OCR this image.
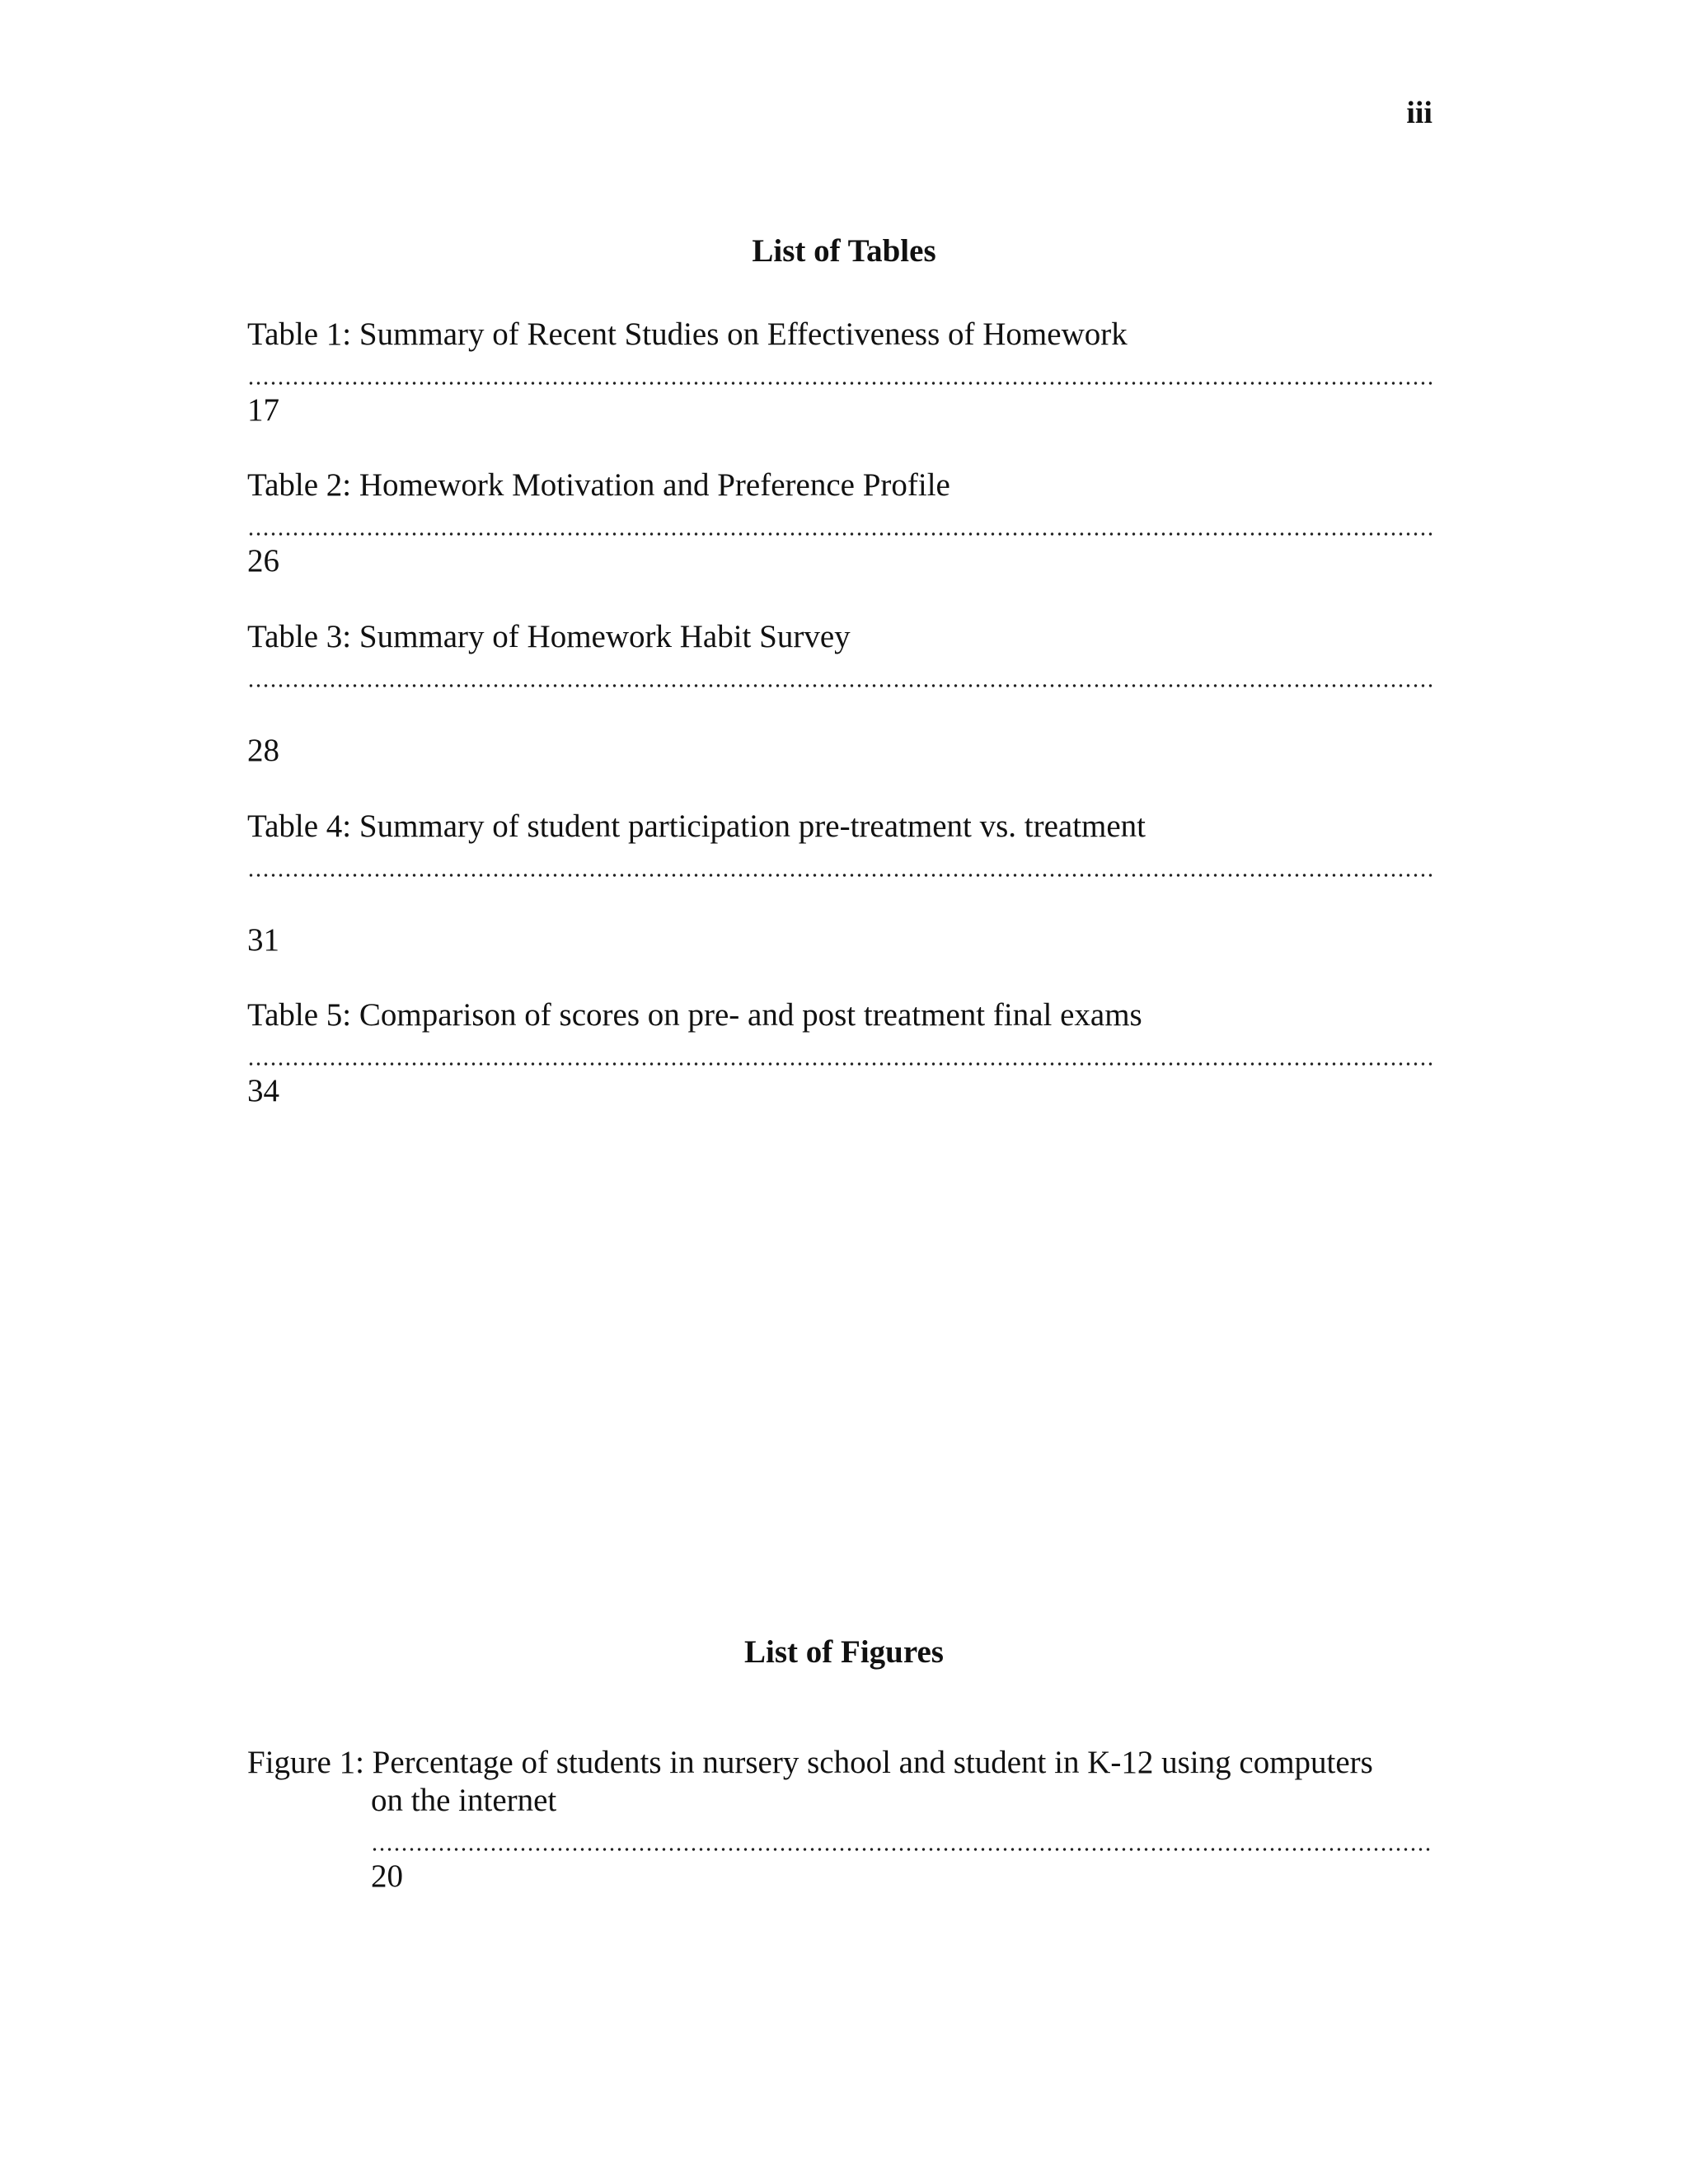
iii
List of Tables
Table 1: Summary of Recent Studies on Effectiveness of Homework
17
Table 2: Homework Motivation and Preference Profile
26
Table 3: Summary of Homework Habit Survey
28
Table 4: Summary of student participation pre-treatment vs. treatment
31
Table 5: Comparison of scores on pre- and post treatment final exams
34
List of Figures
Figure 1: Percentage of students in nursery school and student in K-12 using computers
on the internet
20
